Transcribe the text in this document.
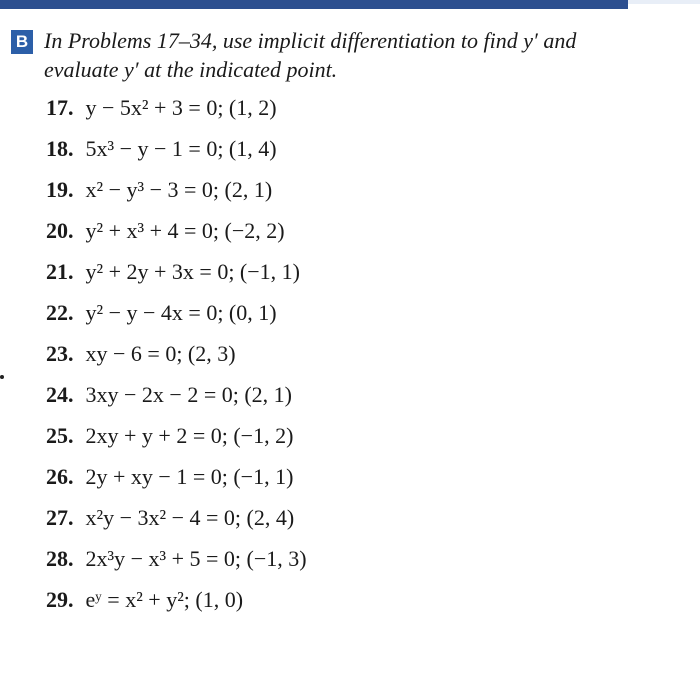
B In Problems 17–34, use implicit differentiation to find y′ and
evaluate y′ at the indicated point.
17. y − 5x² + 3 = 0; (1, 2)
18. 5x³ − y − 1 = 0; (1, 4)
19. x² − y³ − 3 = 0; (2, 1)
20. y² + x³ + 4 = 0; (−2, 2)
21. y² + 2y + 3x = 0; (−1, 1)
22. y² − y − 4x = 0; (0, 1)
23. xy − 6 = 0; (2, 3)
24. 3xy − 2x − 2 = 0; (2, 1)
25. 2xy + y + 2 = 0; (−1, 2)
26. 2y + xy − 1 = 0; (−1, 1)
27. x²y − 3x² − 4 = 0; (2, 4)
28. 2x³y − x³ + 5 = 0; (−1, 3)
29. eʸ = x² + y²; (1, 0)
